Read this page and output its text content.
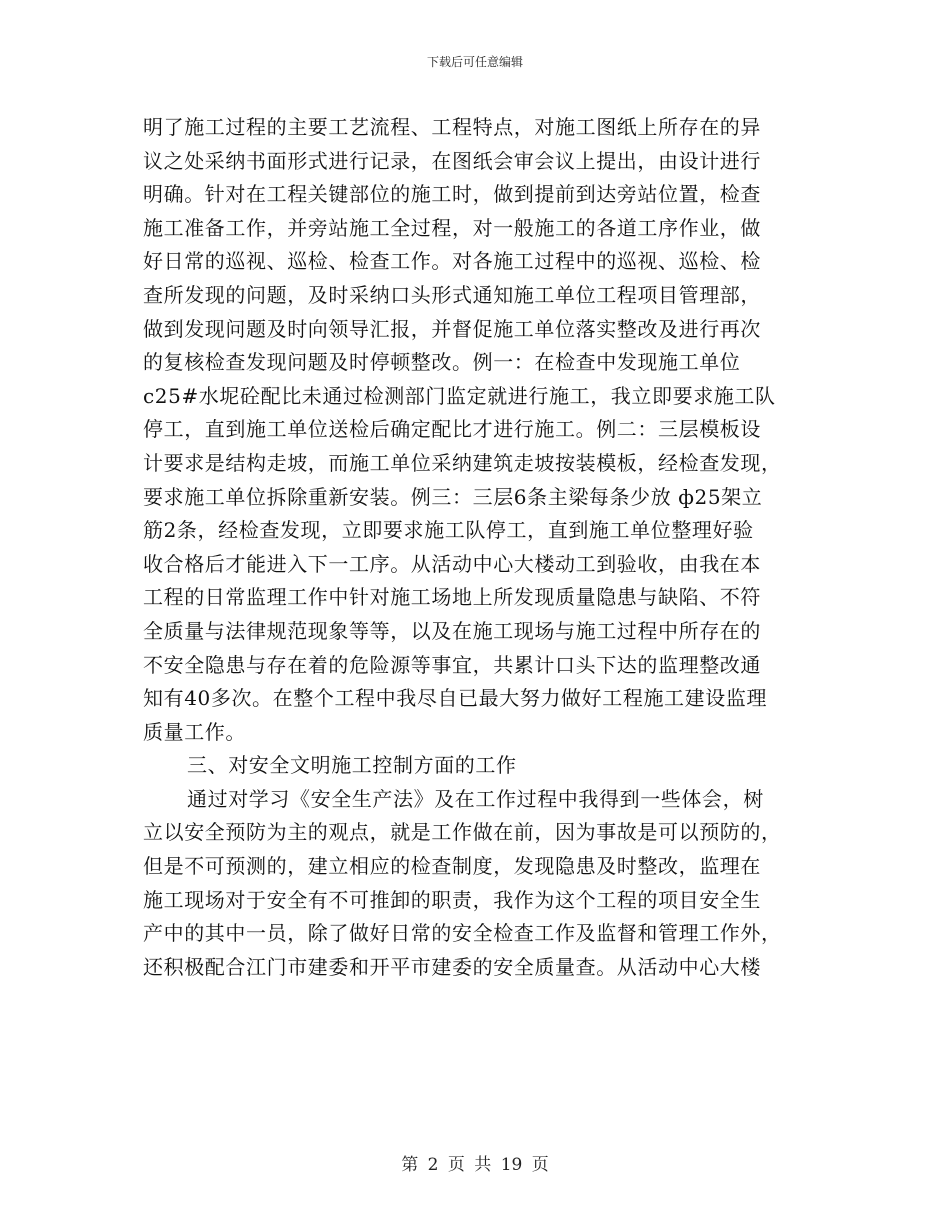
下载后可任意编辑

明了施工过程的主要工艺流程、工程特点，对施工图纸上所存在的异
议之处采纳书面形式进行记录，在图纸会审会议上提出，由设计进行
明确。针对在工程关键部位的施工时，做到提前到达旁站位置，检查
施工准备工作，并旁站施工全过程，对一般施工的各道工序作业，做
好日常的巡视、巡检、检查工作。对各施工过程中的巡视、巡检、检
查所发现的问题，及时采纳口头形式通知施工单位工程项目管理部，
做到发现问题及时向领导汇报，并督促施工单位落实整改及进行再次
的复核检查发现问题及时停顿整改。例一：在检查中发现施工单位
c25#水坭砼配比未通过检测部门监定就进行施工，我立即要求施工队
停工，直到施工单位送检后确定配比才进行施工。例二：三层模板设
计要求是结构走坡，而施工单位采纳建筑走坡按装模板，经检查发现，
要求施工单位拆除重新安装。例三：三层6条主梁每条少放 ф25架立
筋2条，经检查发现，立即要求施工队停工，直到施工单位整理好验
收合格后才能进入下一工序。从活动中心大楼动工到验收，由我在本
工程的日常监理工作中针对施工场地上所发现质量隐患与缺陷、不符
全质量与法律规范现象等等，以及在施工现场与施工过程中所存在的
不安全隐患与存在着的危险源等事宜，共累计口头下达的监理整改通
知有40多次。在整个工程中我尽自已最大努力做好工程施工建设监理
质量工作。

三、对安全文明施工控制方面的工作

通过对学习《安全生产法》及在工作过程中我得到一些体会，树
立以安全预防为主的观点，就是工作做在前，因为事故是可以预防的，
但是不可预测的，建立相应的检查制度，发现隐患及时整改，监理在
施工现场对于安全有不可推卸的职责，我作为这个工程的项目安全生
产中的其中一员，除了做好日常的安全检查工作及监督和管理工作外，
还积极配合江门市建委和开平市建委的安全质量查。从活动中心大楼

第 2 页 共 19 页
